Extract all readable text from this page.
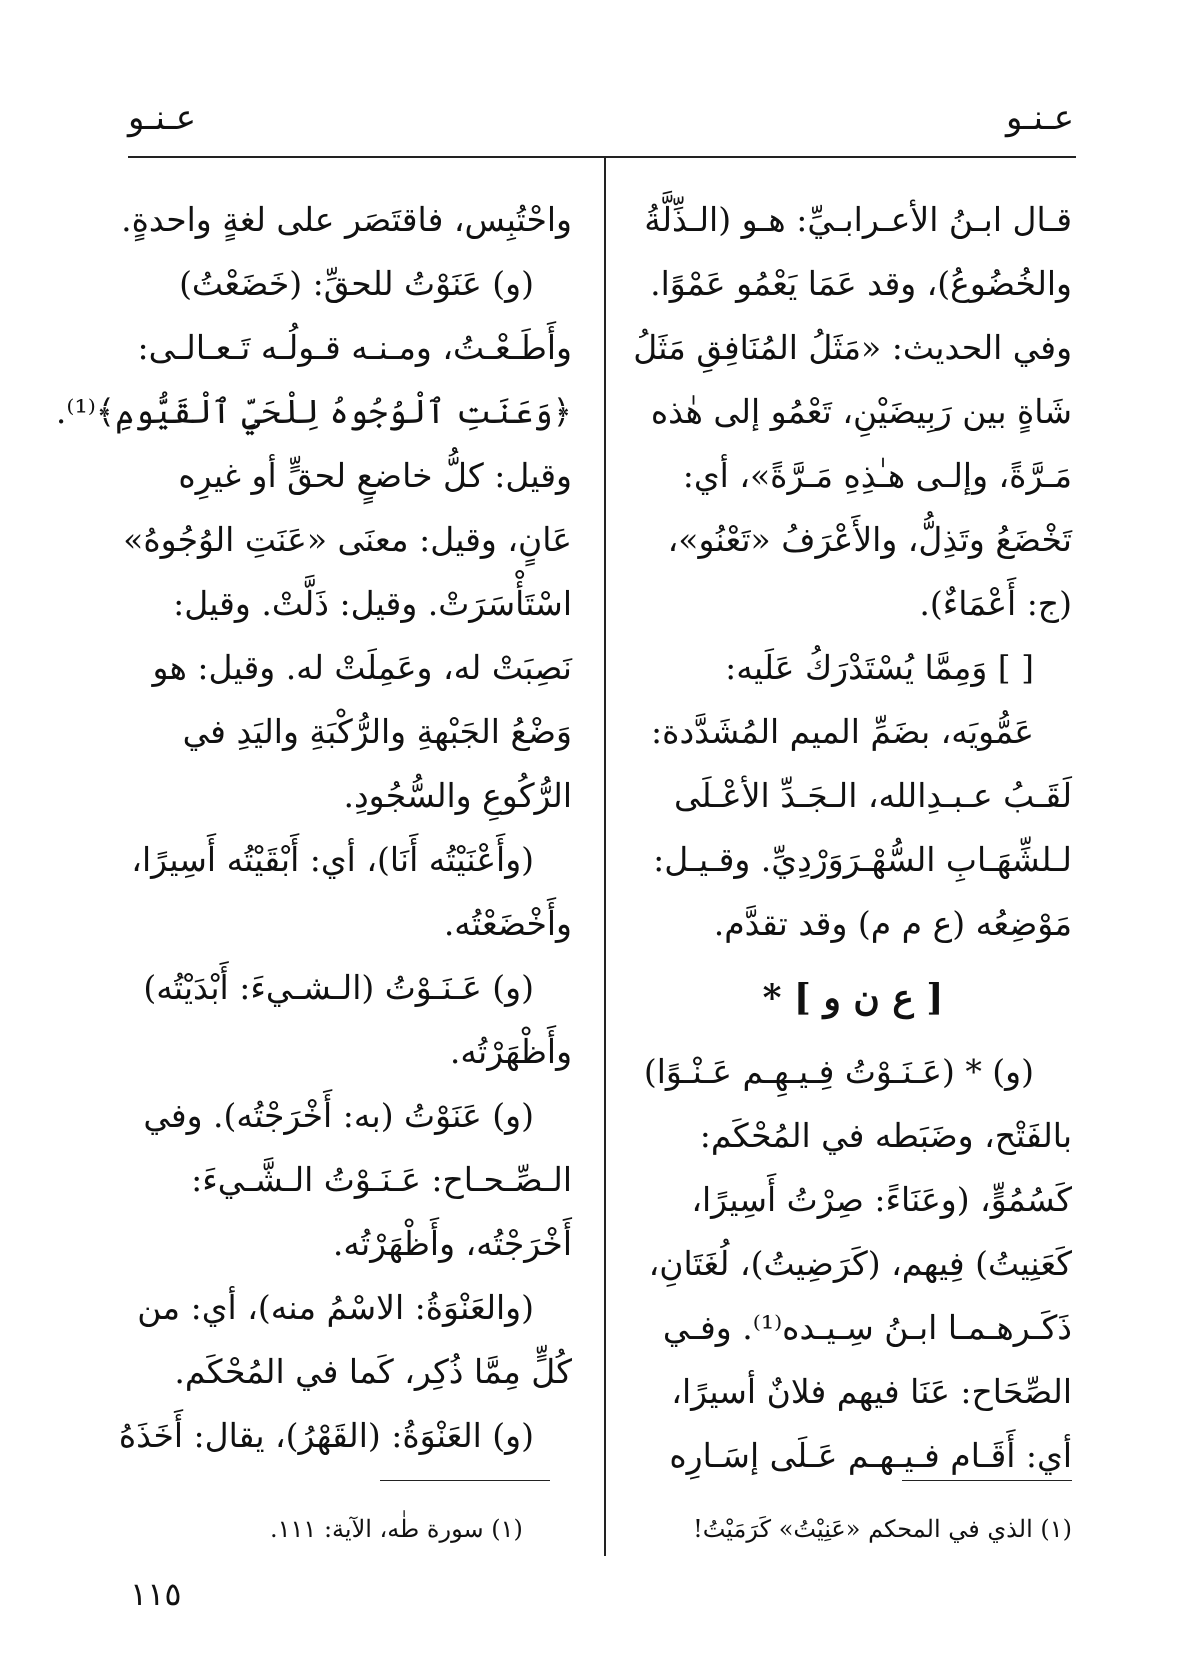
عـنـو
عـنـو
قـال ابـنُ الأعـرابـيِّ: هـو (الـذِّلَّةُ
والخُضُوعُ)، وقد عَمَا يَعْمُو عَمْوًا.
وفي الحديث: «مَثَلُ المُنَافِقِ مَثَلُ
شَاةٍ بين رَبِيضَيْنِ، تَعْمُو إلى هٰذه
مَـرَّةً، وإلـى هـٰذِهِ مَـرَّةً»، أي:
تَخْضَعُ وتَذِلُّ، والأَعْرَفُ «تَعْنُو»،
(ج: أَعْمَاءٌ).
[ ] وَمِمَّا يُسْتَدْرَكُ عَلَيه:
عَمُّويَه، بضَمِّ الميم المُشَدَّدة:
لَقَـبُ عـبـدِالله، الـجَـدِّ الأعْـلَى
لـلشِّهَـابِ السُّهْـرَوَرْدِيِّ. وقـيـل:
مَوْضِعُه (ع م م) وقد تقدَّم.
[ ع ن و ] *
(و) * (عَـنَـوْتُ فِـيـهِـم عَـنْـوًا)
بالفَتْح، وضَبَطه في المُحْكَم:
كَسُمُوٍّ، (وعَنَاءً: صِرْتُ أَسِيرًا،
كَعَنِيتُ) فِيهم، (كَرَضِيتُ)، لُغَتَانِ،
ذَكَـرهـمـا ابـنُ سِـيـده⁽¹⁾. وفـي
الصِّحَاح: عَنَا فيهم فلانٌ أسيرًا،
أي: أَقَـام فـيـهـم عَـلَى إسَـارِه
واحْتُبِس، فاقتَصَر على لغةٍ واحدةٍ.
(و) عَنَوْتُ للحقِّ: (خَضَعْتُ)
وأَطَـعْـتُ، ومـنـه قـولُـه تَـعـالـى:
﴿وَعَنَتِ ٱلْوُجُوهُ لِلْحَيِّ ٱلْقَيُّومِ﴾⁽¹⁾.
وقيل: كلُّ خاضعٍ لحقٍّ أو غيرِه
عَانٍ، وقيل: معنَى «عَنَتِ الوُجُوهُ»
اسْتَأْسَرَتْ. وقيل: ذَلَّتْ. وقيل:
نَصِبَتْ له، وعَمِلَتْ له. وقيل: هو
وَضْعُ الجَبْهةِ والرُّكْبَةِ واليَدِ في
الرُّكُوعِ والسُّجُودِ.
(وأَعْنَيْتُه أَنَا)، أي: أَبْقَيْتُه أَسِيرًا،
وأَخْضَعْتُه.
(و) عَـنَـوْتُ (الـشـيءَ: أَبْدَيْتُه)
وأَظْهَرْتُه.
(و) عَنَوْتُ (به: أَخْرَجْتُه). وفي
الـصِّـحـاح: عَـنَـوْتُ الـشَّـيءَ:
أَخْرَجْتُه، وأَظْهَرْتُه.
(والعَنْوَةُ: الاسْمُ منه)، أي: من
كُلٍّ مِمَّا ذُكِر، كَما في المُحْكَم.
(و) العَنْوَةُ: (القَهْرُ)، يقال: أَخَذَهُ
(١) الذي في المحكم «عَنِيْتُ» كَرَمَيْتُ!
(١) سورة طٰه، الآية: ١١١.
١١٥
